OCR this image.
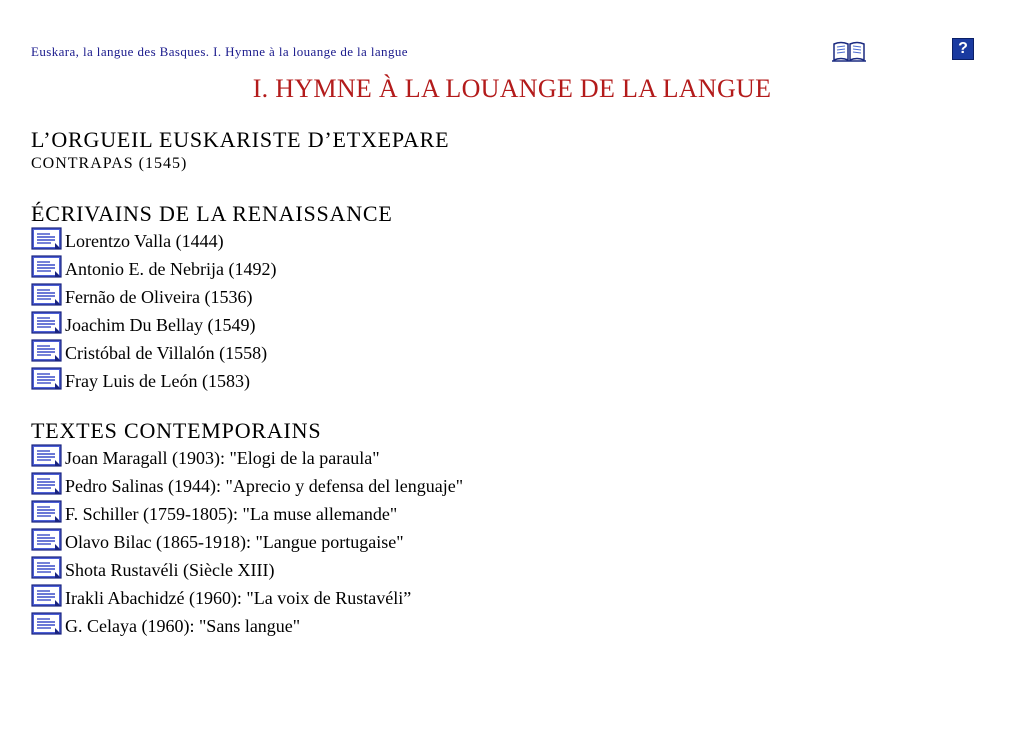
Euskara, la langue des Basques. I. Hymne à la louange de la langue	?
I. HYMNE À LA LOUANGE DE LA LANGUE
L’ORGUEIL EUSKARISTE D’ETXEPARE
CONTRAPAS (1545)
ÉCRIVAINS DE LA RENAISSANCE
Lorentzo Valla (1444)
Antonio E. de Nebrija (1492)
Fernão de Oliveira (1536)
Joachim Du Bellay (1549)
Cristóbal de Villalón (1558)
Fray Luis de León (1583)
TEXTES CONTEMPORAINS
Joan Maragall (1903): "Elogi de la paraula"
Pedro Salinas (1944): "Aprecio y defensa del lenguaje"
F. Schiller (1759-1805): "La muse allemande"
Olavo Bilac (1865-1918): "Langue portugaise"
Shota Rustavéli (Siècle XIII)
Irakli Abachidzé (1960): "La voix de Rustavéli”
G. Celaya (1960): "Sans langue"
